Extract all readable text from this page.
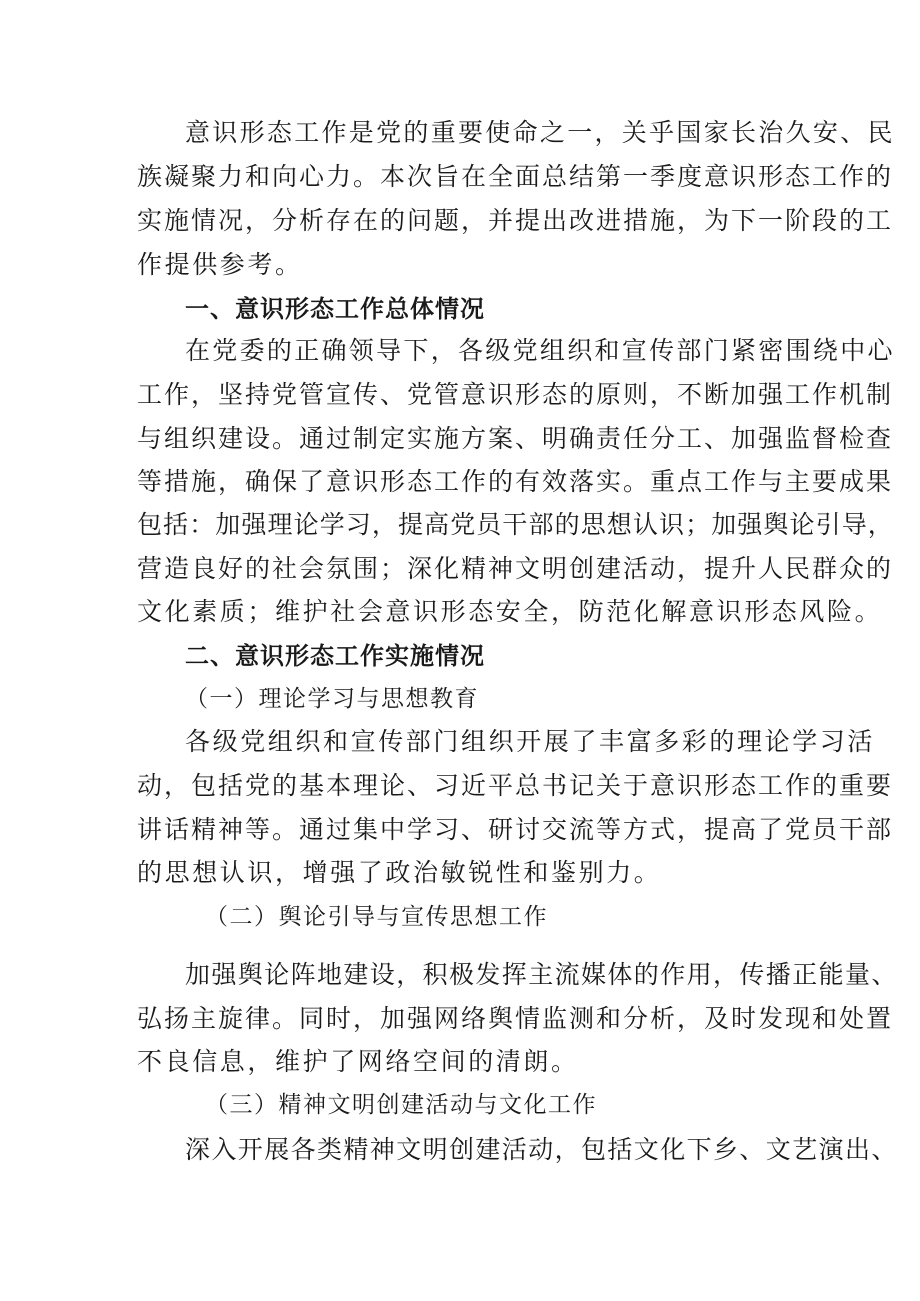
意识形态工作是党的重要使命之一，关乎国家长治久安、民
族凝聚力和向心力。本次旨在全面总结第一季度意识形态工作的
实施情况，分析存在的问题，并提出改进措施，为下一阶段的工
作提供参考。
一、意识形态工作总体情况
在党委的正确领导下，各级党组织和宣传部门紧密围绕中心
工作，坚持党管宣传、党管意识形态的原则，不断加强工作机制
与组织建设。通过制定实施方案、明确责任分工、加强监督检查
等措施，确保了意识形态工作的有效落实。重点工作与主要成果
包括：加强理论学习，提高党员干部的思想认识；加强舆论引导，
营造良好的社会氛围；深化精神文明创建活动，提升人民群众的
文化素质；维护社会意识形态安全，防范化解意识形态风险。
二、意识形态工作实施情况
（一）理论学习与思想教育
各级党组织和宣传部门组织开展了丰富多彩的理论学习活
动，包括党的基本理论、习近平总书记关于意识形态工作的重要
讲话精神等。通过集中学习、研讨交流等方式，提高了党员干部
的思想认识，增强了政治敏锐性和鉴别力。
（二）舆论引导与宣传思想工作
加强舆论阵地建设，积极发挥主流媒体的作用，传播正能量、
弘扬主旋律。同时，加强网络舆情监测和分析，及时发现和处置
不良信息，维护了网络空间的清朗。
（三）精神文明创建活动与文化工作
深入开展各类精神文明创建活动，包括文化下乡、文艺演出、
